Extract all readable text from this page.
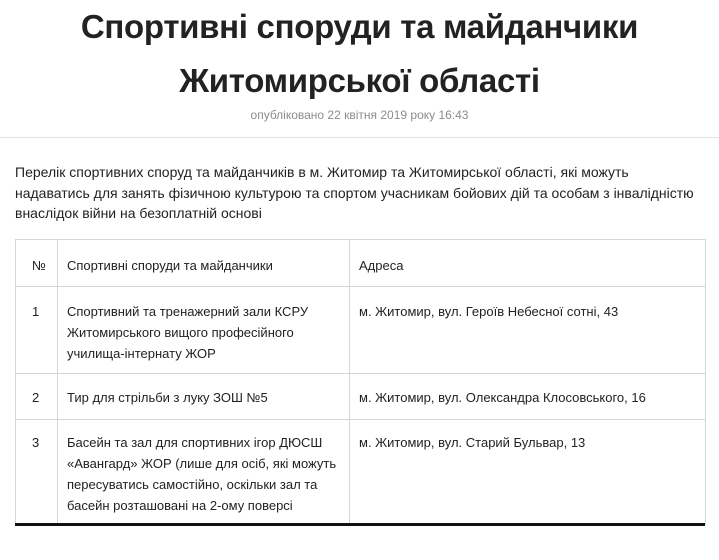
Спортивні споруди та майданчики
Житомирської області
опубліковано 22 квітня 2019 року 16:43

Перелік спортивних споруд та майданчиків в м. Житомир та Житомирської області, які можуть надаватись для занять фізичною культурою та спортом учасникам бойових дій та особам з інвалідністю внаслідок війни на безоплатній основі

№	Спортивні споруди та майданчики	Адреса

1	Спортивний та тренажерний зали КСРУ Житомирського вищого професійного училища-інтернату ЖОР	м. Житомир, вул. Героїв Небесної сотні, 43

2	Тир для стрільби з луку ЗОШ №5	м. Житомир, вул. Олександра Клосовського, 16

3	Басейн та зал для спортивних ігор ДЮСШ «Авангард» ЖОР (лише для осіб, які можуть пересуватись самостійно, оскільки зал та басейн розташовані на 2-ому поверсі	м. Житомир, вул. Старий Бульвар, 13
